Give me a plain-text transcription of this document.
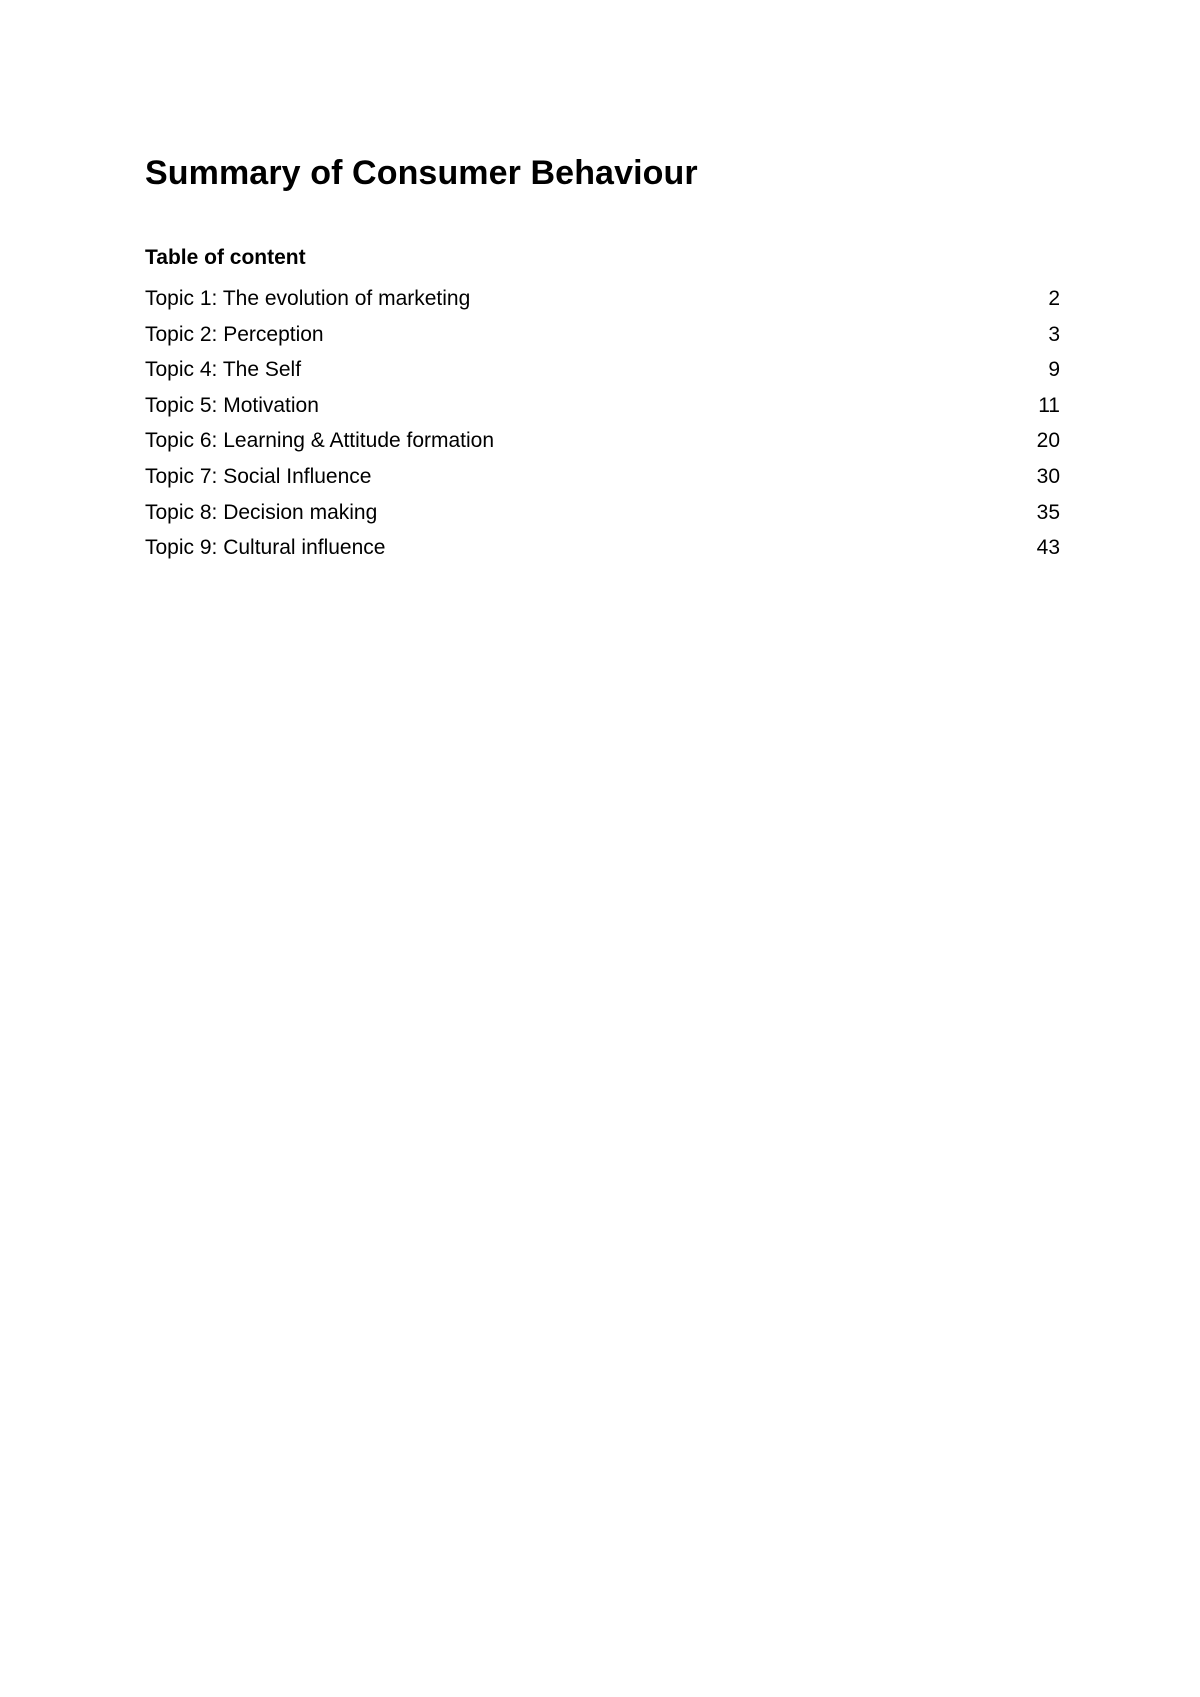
Summary of Consumer Behaviour
Table of content
Topic 1: The evolution of marketing	2
Topic 2: Perception	3
Topic 4: The Self	9
Topic 5: Motivation	11
Topic 6: Learning & Attitude formation	20
Topic 7: Social Influence	30
Topic 8: Decision making	35
Topic 9: Cultural influence	43
